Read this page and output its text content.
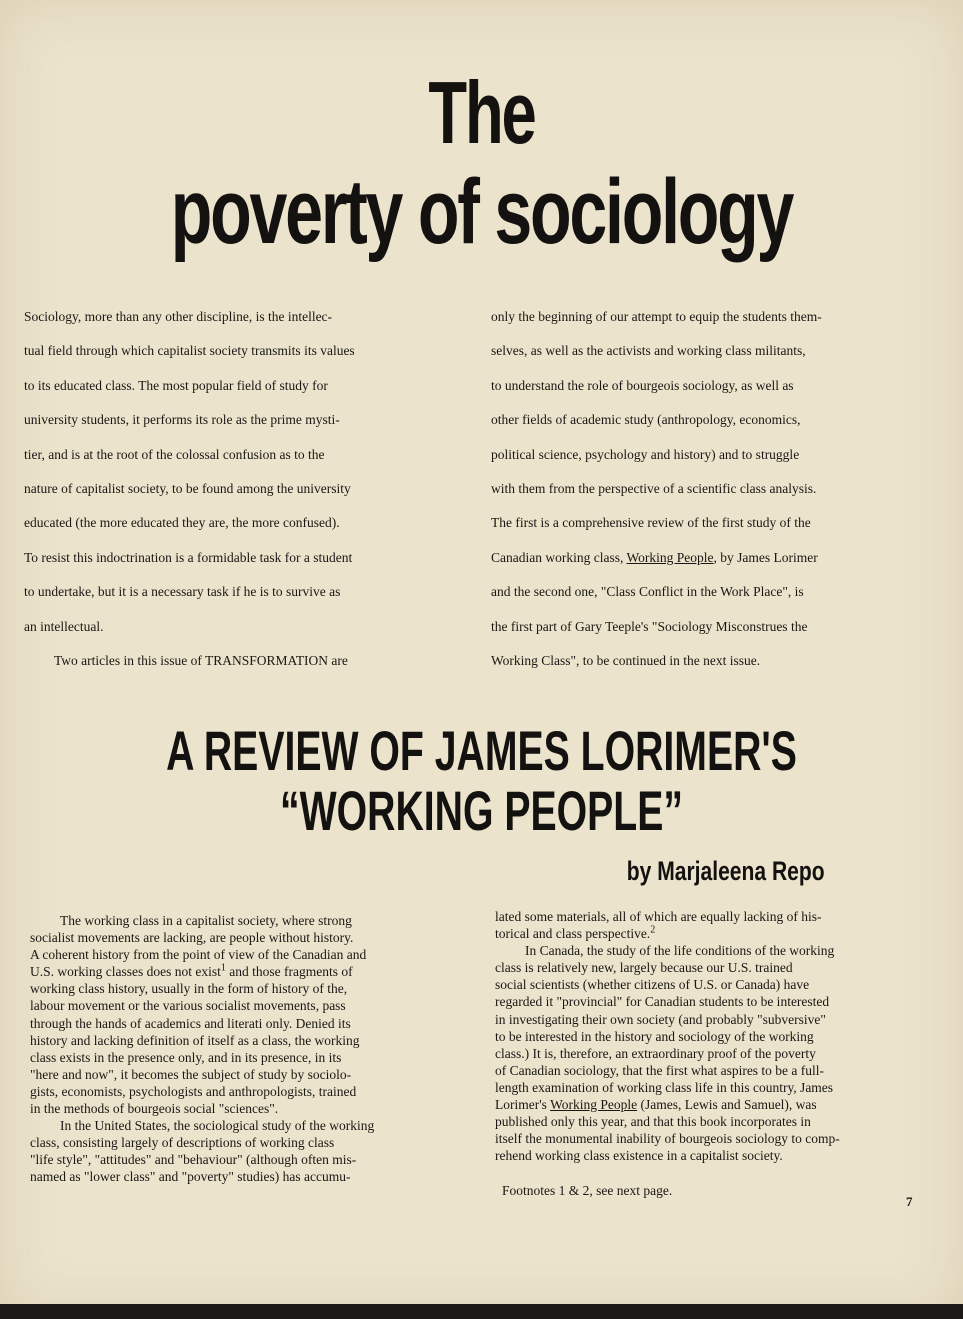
The
poverty of sociology
Sociology, more than any other discipline, is the intellec-
tual field through which capitalist society transmits its values
to its educated class. The most popular field of study for
university students, it performs its role as the prime mysti-
tier, and is at the root of the colossal confusion as to the
nature of capitalist society, to be found among the university
educated (the more educated they are, the more confused).
To resist this indoctrination is a formidable task for a student
to undertake, but it is a necessary task if he is to survive as
an intellectual.
Two articles in this issue of TRANSFORMATION are
only the beginning of our attempt to equip the students them-
selves, as well as the activists and working class militants,
to understand the role of bourgeois sociology, as well as
other fields of academic study (anthropology, economics,
political science, psychology and history) and to struggle
with them from the perspective of a scientific class analysis.
The first is a comprehensive review of the first study of the
Canadian working class, Working People, by James Lorimer
and the second one, "Class Conflict in the Work Place", is
the first part of Gary Teeple's "Sociology Misconstrues the
Working Class", to be continued in the next issue.
A REVIEW OF JAMES LORIMER'S
“WORKING PEOPLE”
by Marjaleena Repo
The working class in a capitalist society, where strong
socialist movements are lacking, are people without history.
A coherent history from the point of view of the Canadian and
U.S. working classes does not exist$^1$ and those fragments of
working class history, usually in the form of history of the,
labour movement or the various socialist movements, pass
through the hands of academics and literati only. Denied its
history and lacking definition of itself as a class, the working
class exists in the presence only, and in its presence, in its
"here and now", it becomes the subject of study by sociolo-
gists, economists, psychologists and anthropologists, trained
in the methods of bourgeois social "sciences".
In the United States, the sociological study of the working
class, consisting largely of descriptions of working class
"life style", "attitudes" and "behaviour" (although often mis-
named as "lower class" and "poverty" studies) has accumu-
lated some materials, all of which are equally lacking of his-
torical and class perspective.$^2$
In Canada, the study of the life conditions of the working
class is relatively new, largely because our U.S. trained
social scientists (whether citizens of U.S. or Canada) have
regarded it "provincial" for Canadian students to be interested
in investigating their own society (and probably "subversive"
to be interested in the history and sociology of the working
class.) It is, therefore, an extraordinary proof of the poverty
of Canadian sociology, that the first what aspires to be a full-
length examination of working class life in this country, James
Lorimer's Working People (James, Lewis and Samuel), was
published only this year, and that this book incorporates in
itself the monumental inability of bourgeois sociology to comp-
rehend working class existence in a capitalist society.
Footnotes 1 & 2, see next page.
7
